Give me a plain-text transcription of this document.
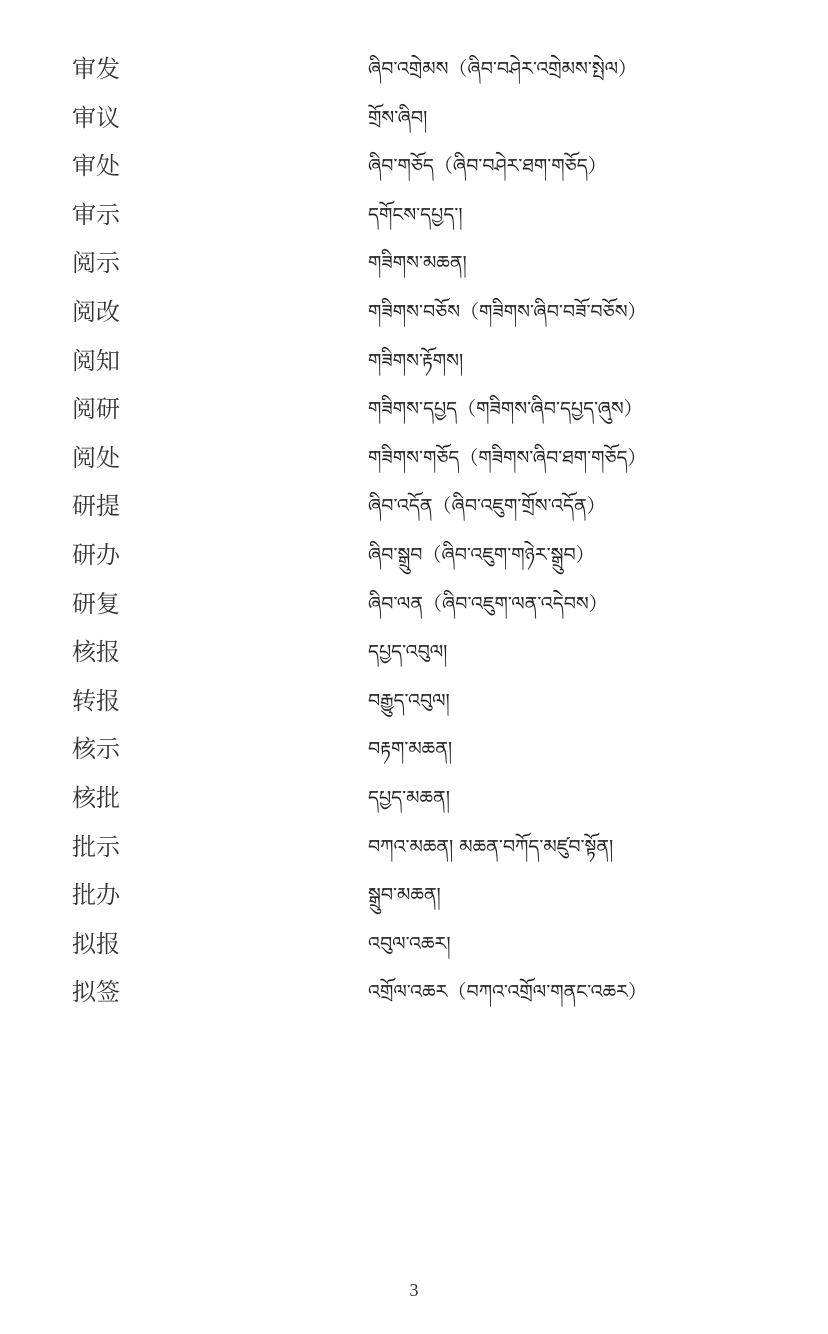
审发	ཞིབ་འགྲེམས（ཞིབ་བཤེར་འགྲེམས་སྤེལ）
审议	གྲོས་ཞིབ།
审处	ཞིབ་གཅོད（ཞིབ་བཤེར་ཐག་གཅོད）
审示	དགོངས་དཔྱད་།
阅示	གཟིགས་མཆན།
阅改	གཟིགས་བཅོས（གཟིགས་ཞིབ་བཟོ་བཅོས）
阅知	གཟིགས་རྟོགས།
阅研	གཟིགས་དཔྱད（གཟིགས་ཞིབ་དཔྱད་ཞུས）
阅处	གཟིགས་གཅོད（གཟིགས་ཞིབ་ཐག་གཅོད）
研提	ཞིབ་འདོན（ཞིབ་འཇུག་གྲོས་འདོན）
研办	ཞིབ་སྒྲུབ（ཞིབ་འཇུག་གཉེར་སྒྲུབ）
研复	ཞིབ་ལན（ཞིབ་འཇུག་ལན་འདེབས）
核报	དཔྱད་འབུལ།
转报	བརྒྱུད་འབུལ།
核示	བརྟག་མཆན།
核批	དཔྱད་མཆན།
批示	བཀའ་མཆན། མཆན་བཀོད་མཛུབ་སྟོན།
批办	སྒྲུབ་མཆན།
拟报	འབུལ་འཆར།
拟签	འགྲོལ་འཆར（བཀའ་འགྲོལ་གནང་འཆར）
3
